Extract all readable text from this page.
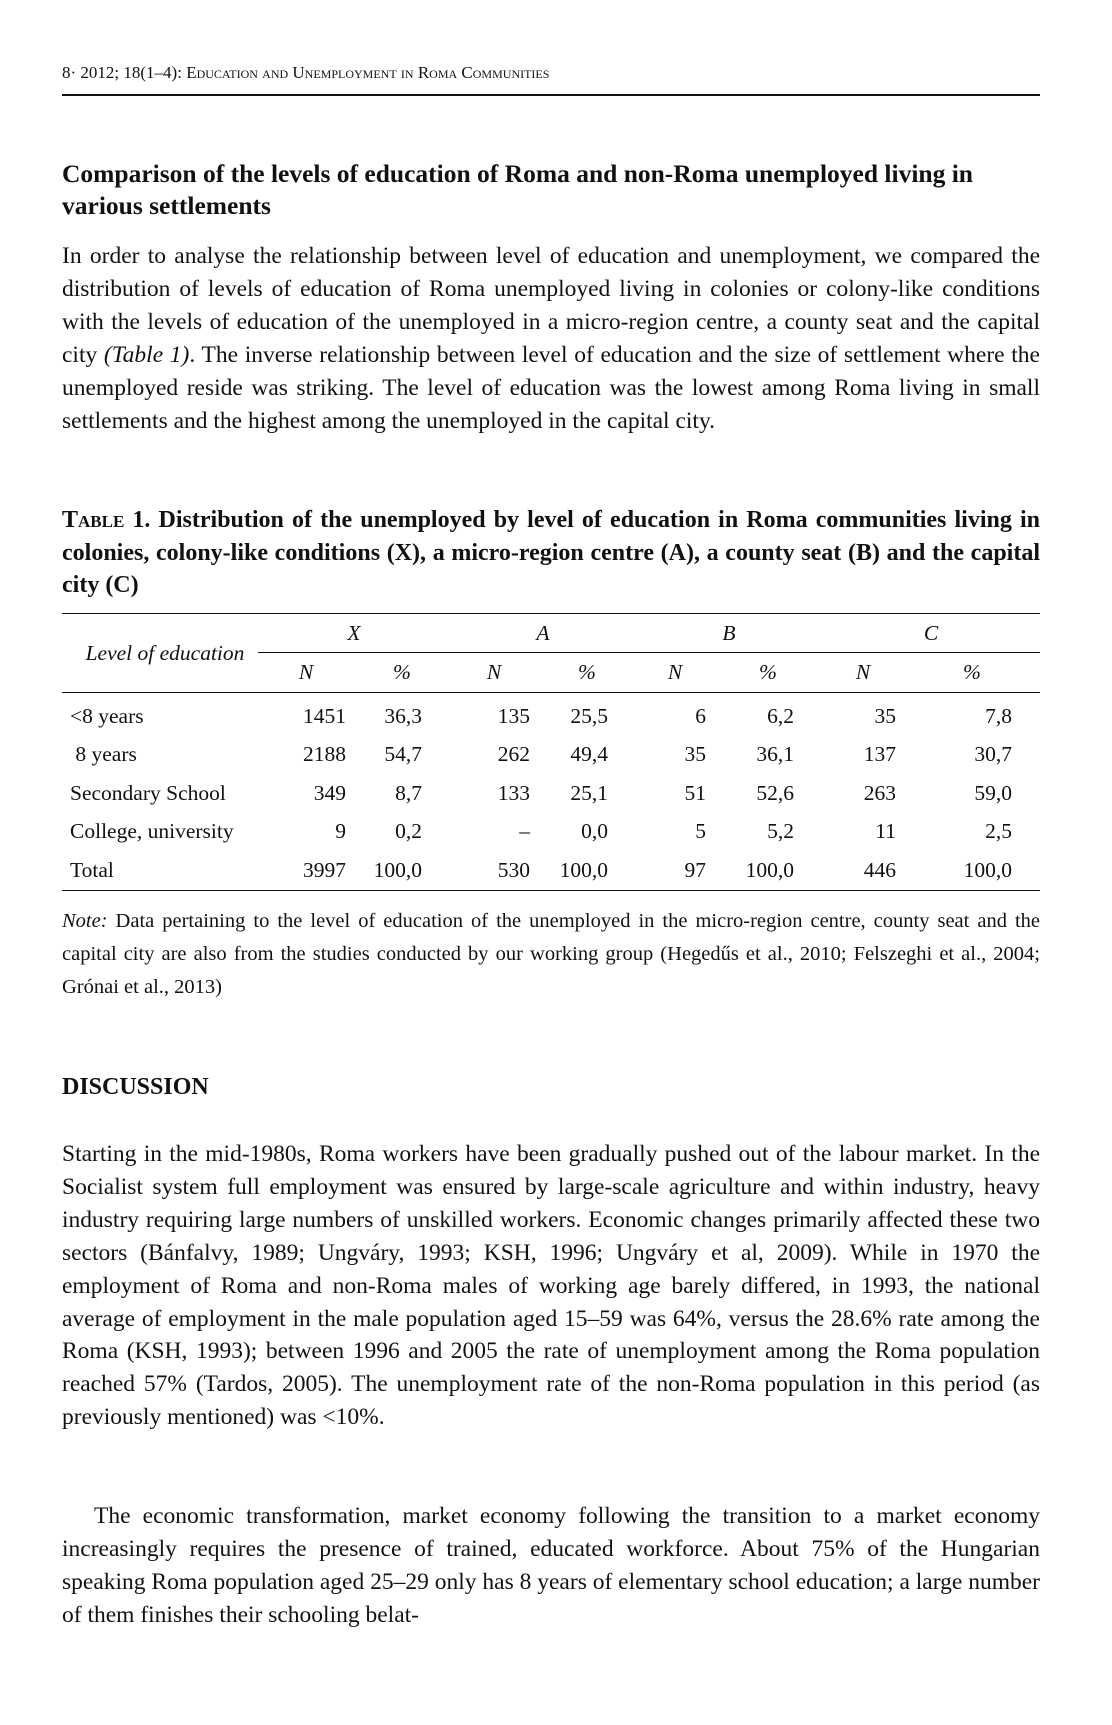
8· 2012; 18(1–4): Education and Unemployment in Roma Communities
Comparison of the levels of education of Roma and non-Roma unemployed living in various settlements

In order to analyse the relationship between level of education and unemployment, we compared the distribution of levels of education of Roma unemployed living in colonies or colony-like conditions with the levels of education of the unemployed in a micro-region centre, a county seat and the capital city (Table 1). The inverse relationship between level of education and the size of settlement where the unemployed reside was striking. The level of education was the lowest among Roma living in small settlements and the highest among the unemployed in the capital city.

Table 1. Distribution of the unemployed by level of education in Roma communities living in colonies, colony-like conditions (X), a micro-region centre (A), a county seat (B) and the capital city (C)

Level of education	X		A		B		C	
	N	%	N	%	N	%	N	%
<8 years	1451	36,3	135	25,5	6	6,2	35	7,8
8 years	2188	54,7	262	49,4	35	36,1	137	30,7
Secondary School	349	8,7	133	25,1	51	52,6	263	59,0
College, university	9	0,2	–	0,0	5	5,2	11	2,5
Total	3997	100,0	530	100,0	97	100,0	446	100,0

Note: Data pertaining to the level of education of the unemployed in the micro-region centre, county seat and the capital city are also from the studies conducted by our working group (Hegedűs et al., 2010; Felszeghi et al., 2004; Grónai et al., 2013)

DISCUSSION

Starting in the mid-1980s, Roma workers have been gradually pushed out of the labour market. In the Socialist system full employment was ensured by large-scale agriculture and within industry, heavy industry requiring large numbers of unskilled workers. Economic changes primarily affected these two sectors (Bánfalvy, 1989; Ungváry, 1993; KSH, 1996; Ungváry et al, 2009). While in 1970 the employment of Roma and non-Roma males of working age barely differed, in 1993, the national average of employment in the male population aged 15–59 was 64%, versus the 28.6% rate among the Roma (KSH, 1993); between 1996 and 2005 the rate of unemployment among the Roma population reached 57% (Tardos, 2005). The unemployment rate of the non-Roma population in this period (as previously mentioned) was <10%.

The economic transformation, market economy following the transition to a market economy increasingly requires the presence of trained, educated workforce. About 75% of the Hungarian speaking Roma population aged 25–29 only has 8 years of elementary school education; a large number of them finishes their schooling belat-
